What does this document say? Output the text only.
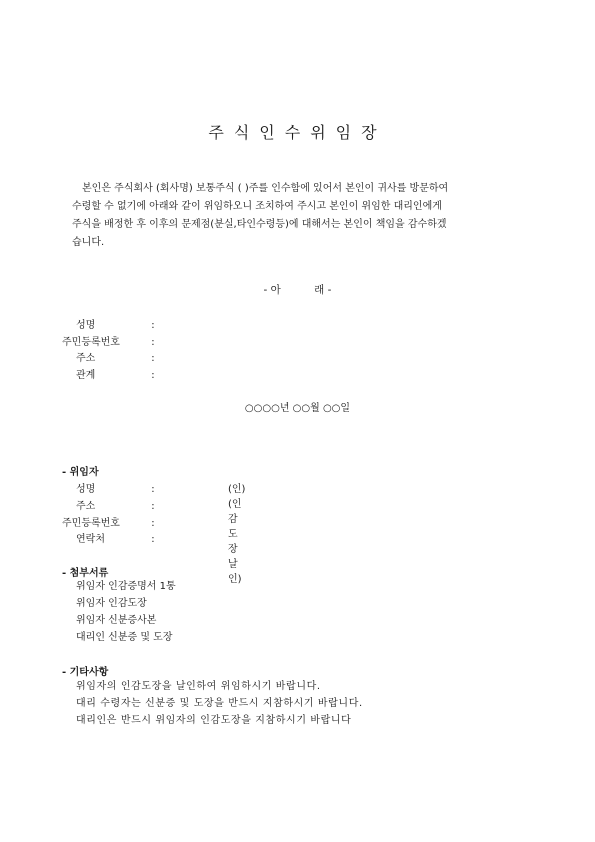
주식인수위임장
본인은 주식회사 (회사명) 보통주식 ( )주를 인수함에 있어서 본인이 귀사를 방문하여
수령할 수 없기에 아래와 같이 위임하오니 조치하여 주시고 본인이 위임한 대리인에게
주식을 배정한 후 이후의 문제점(분실,타인수령등)에 대해서는 본인이 책임을 감수하겠
습니다.
- 아          래 -
성명	:
주민등록번호	:
주소	:
관계	:
○○○○년 ○○월 ○○일
- 위임자
성명	:	(인) (인감도장날인)
주소	:
주민등록번호	:
연락처	:
- 첨부서류
위임자 인감증명서 1통
위임자 인감도장
위임자 신분증사본
대리인 신분증 및 도장
- 기타사항
위임자의 인감도장을 날인하여 위임하시기 바랍니다.
대리 수령자는 신분증 및 도장을 반드시 지참하시기 바랍니다.
대리인은 반드시 위임자의 인감도장을 지참하시기 바랍니다
